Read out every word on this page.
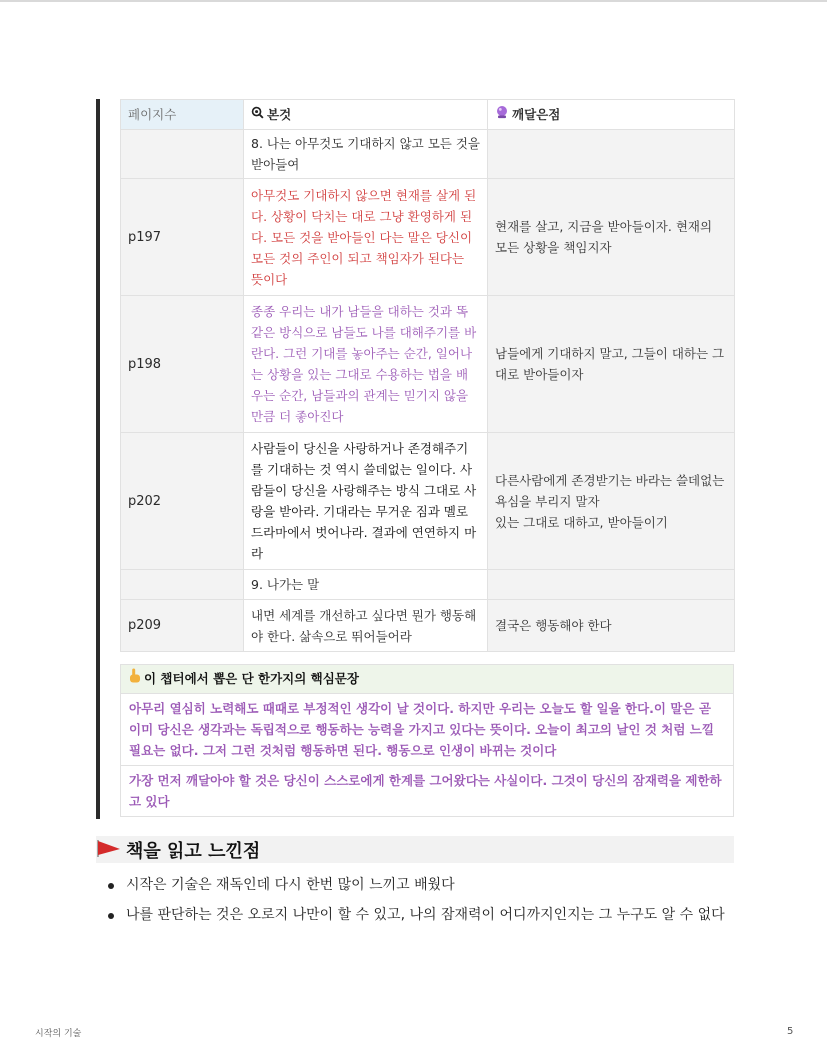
페이지수	본것	깨달은점
	8. 나는 아무것도 기대하지 않고 모든 것을 받아들여	
p197	아무것도 기대하지 않으면 현재를 살게 된다. 상황이 닥치는 대로 그냥 환영하게 된다. 모든 것을 받아들인 다는 말은 당신이 모든 것의 주인이 되고 책임자가 된다는 뜻이다	현재를 살고, 지금을 받아들이자. 현재의 모든 상황을 책임지자
p198	종종 우리는 내가 남들을 대하는 것과 똑같은 방식으로 남들도 나를 대해주기를 바란다. 그런 기대를 놓아주는 순간, 일어나는 상황을 있는 그대로 수용하는 법을 배우는 순간, 남들과의 관계는 믿기지 않을 만큼 더 좋아진다	남들에게 기대하지 말고, 그들이 대하는 그대로 받아들이자
p202	사람들이 당신을 사랑하거나 존경해주기를 기대하는 것 역시 쓸데없는 일이다. 사람들이 당신을 사랑해주는 방식 그대로 사랑을 받아라. 기대라는 무거운 짐과 멜로 드라마에서 벗어나라. 결과에 연연하지 마라	다른사람에게 존경받기는 바라는 쓸데없는 욕심을 부리지 말자
있는 그대로 대하고, 받아들이기
	9. 나가는 말	
p209	내면 세계를 개선하고 싶다면 뭔가 행동해야 한다. 삶속으로 뛰어들어라	결국은 행동해야 한다
이 챕터에서 뽑은 단 한가지의 핵심문장
아무리 열심히 노력해도 때때로 부정적인 생각이 날 것이다. 하지만 우리는 오늘도 할 일을 한다.이 말은 곧 이미 당신은 생각과는 독립적으로 행동하는 능력을 가지고 있다는 뜻이다. 오늘이 최고의 날인 것 처럼 느낄 필요는 없다. 그저 그런 것처럼 행동하면 된다. 행동으로 인생이 바뀌는 것이다
가장 먼저 깨달아야 할 것은 당신이 스스로에게 한계를 그어왔다는 사실이다. 그것이 당신의 잠재력을 제한하고 있다
책을 읽고 느낀점
시작은 기술은 재독인데 다시 한번 많이 느끼고 배웠다
나를 판단하는 것은 오로지 나만이 할 수 있고, 나의 잠재력이 어디까지인지는 그 누구도 알 수 없다
시작의 기술	5
